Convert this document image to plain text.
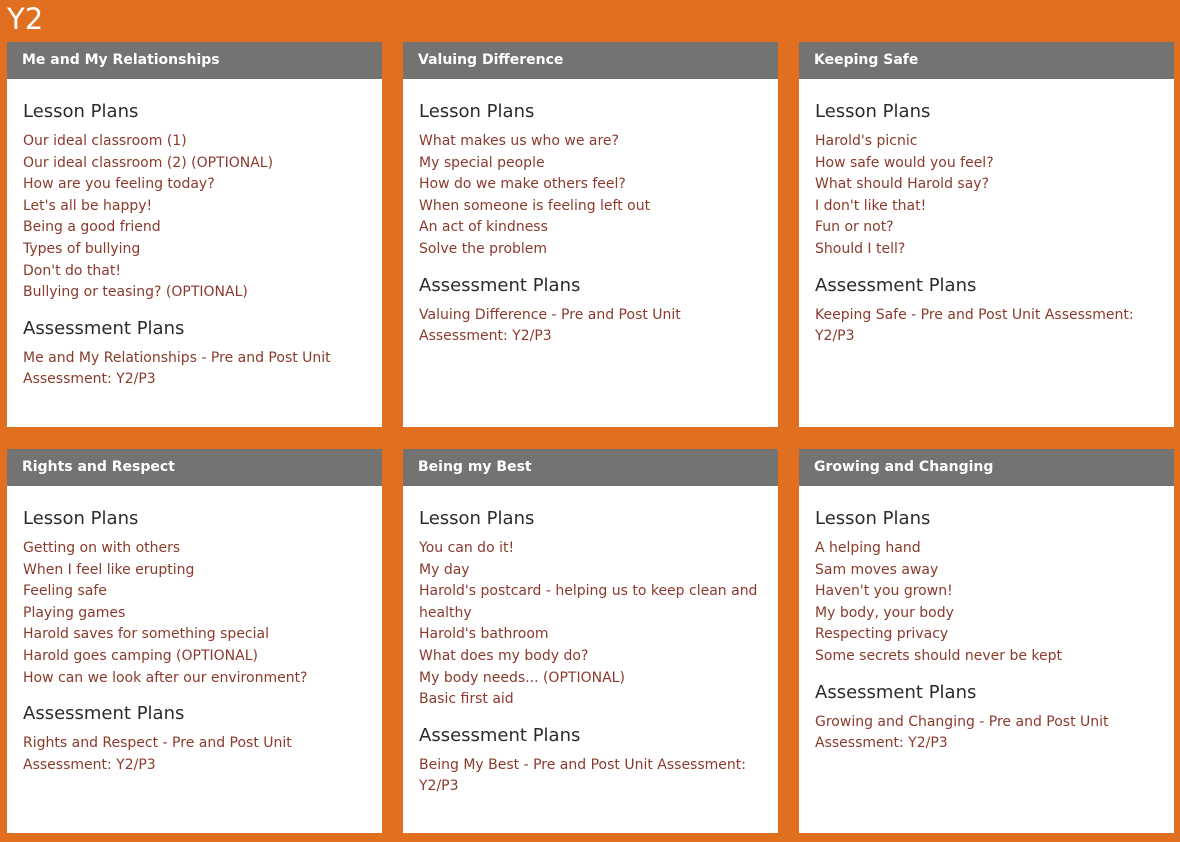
Y2
Me and My Relationships
Lesson Plans
Our ideal classroom (1)
Our ideal classroom (2) (OPTIONAL)
How are you feeling today?
Let's all be happy!
Being a good friend
Types of bullying
Don't do that!
Bullying or teasing? (OPTIONAL)
Assessment Plans
Me and My Relationships - Pre and Post Unit Assessment: Y2/P3
Valuing Difference
Lesson Plans
What makes us who we are?
My special people
How do we make others feel?
When someone is feeling left out
An act of kindness
Solve the problem
Assessment Plans
Valuing Difference - Pre and Post Unit Assessment: Y2/P3
Keeping Safe
Lesson Plans
Harold's picnic
How safe would you feel?
What should Harold say?
I don't like that!
Fun or not?
Should I tell?
Assessment Plans
Keeping Safe - Pre and Post Unit Assessment: Y2/P3
Rights and Respect
Lesson Plans
Getting on with others
When I feel like erupting
Feeling safe
Playing games
Harold saves for something special
Harold goes camping (OPTIONAL)
How can we look after our environment?
Assessment Plans
Rights and Respect - Pre and Post Unit Assessment: Y2/P3
Being my Best
Lesson Plans
You can do it!
My day
Harold's postcard - helping us to keep clean and healthy
Harold's bathroom
What does my body do?
My body needs... (OPTIONAL)
Basic first aid
Assessment Plans
Being My Best - Pre and Post Unit Assessment: Y2/P3
Growing and Changing
Lesson Plans
A helping hand
Sam moves away
Haven't you grown!
My body, your body
Respecting privacy
Some secrets should never be kept
Assessment Plans
Growing and Changing - Pre and Post Unit Assessment: Y2/P3
